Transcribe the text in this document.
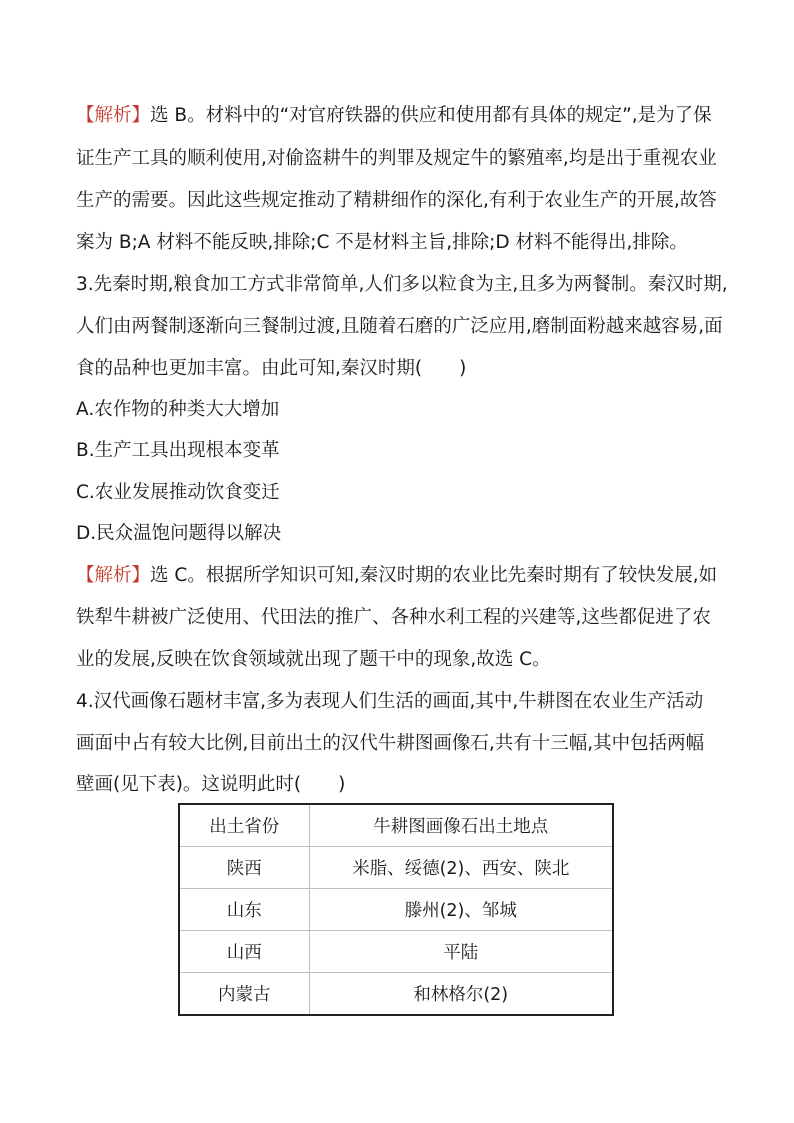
【解析】选 B。材料中的“对官府铁器的供应和使用都有具体的规定”,是为了保
证生产工具的顺利使用,对偷盗耕牛的判罪及规定牛的繁殖率,均是出于重视农业
生产的需要。因此这些规定推动了精耕细作的深化,有利于农业生产的开展,故答
案为 B;A 材料不能反映,排除;C 不是材料主旨,排除;D 材料不能得出,排除。
3.先秦时期,粮食加工方式非常简单,人们多以粒食为主,且多为两餐制。秦汉时期,
人们由两餐制逐渐向三餐制过渡,且随着石磨的广泛应用,磨制面粉越来越容易,面
食的品种也更加丰富。由此可知,秦汉时期(　　)
A.农作物的种类大大增加
B.生产工具出现根本变革
C.农业发展推动饮食变迁
D.民众温饱问题得以解决
【解析】选 C。根据所学知识可知,秦汉时期的农业比先秦时期有了较快发展,如
铁犁牛耕被广泛使用、代田法的推广、各种水利工程的兴建等,这些都促进了农
业的发展,反映在饮食领域就出现了题干中的现象,故选 C。
4.汉代画像石题材丰富,多为表现人们生活的画面,其中,牛耕图在农业生产活动
画面中占有较大比例,目前出土的汉代牛耕图画像石,共有十三幅,其中包括两幅
壁画(见下表)。这说明此时(　　)
出土省份	牛耕图画像石出土地点
陕西	米脂、绥德(2)、西安、陕北
山东	滕州(2)、邹城
山西	平陆
内蒙古	和林格尔(2)
